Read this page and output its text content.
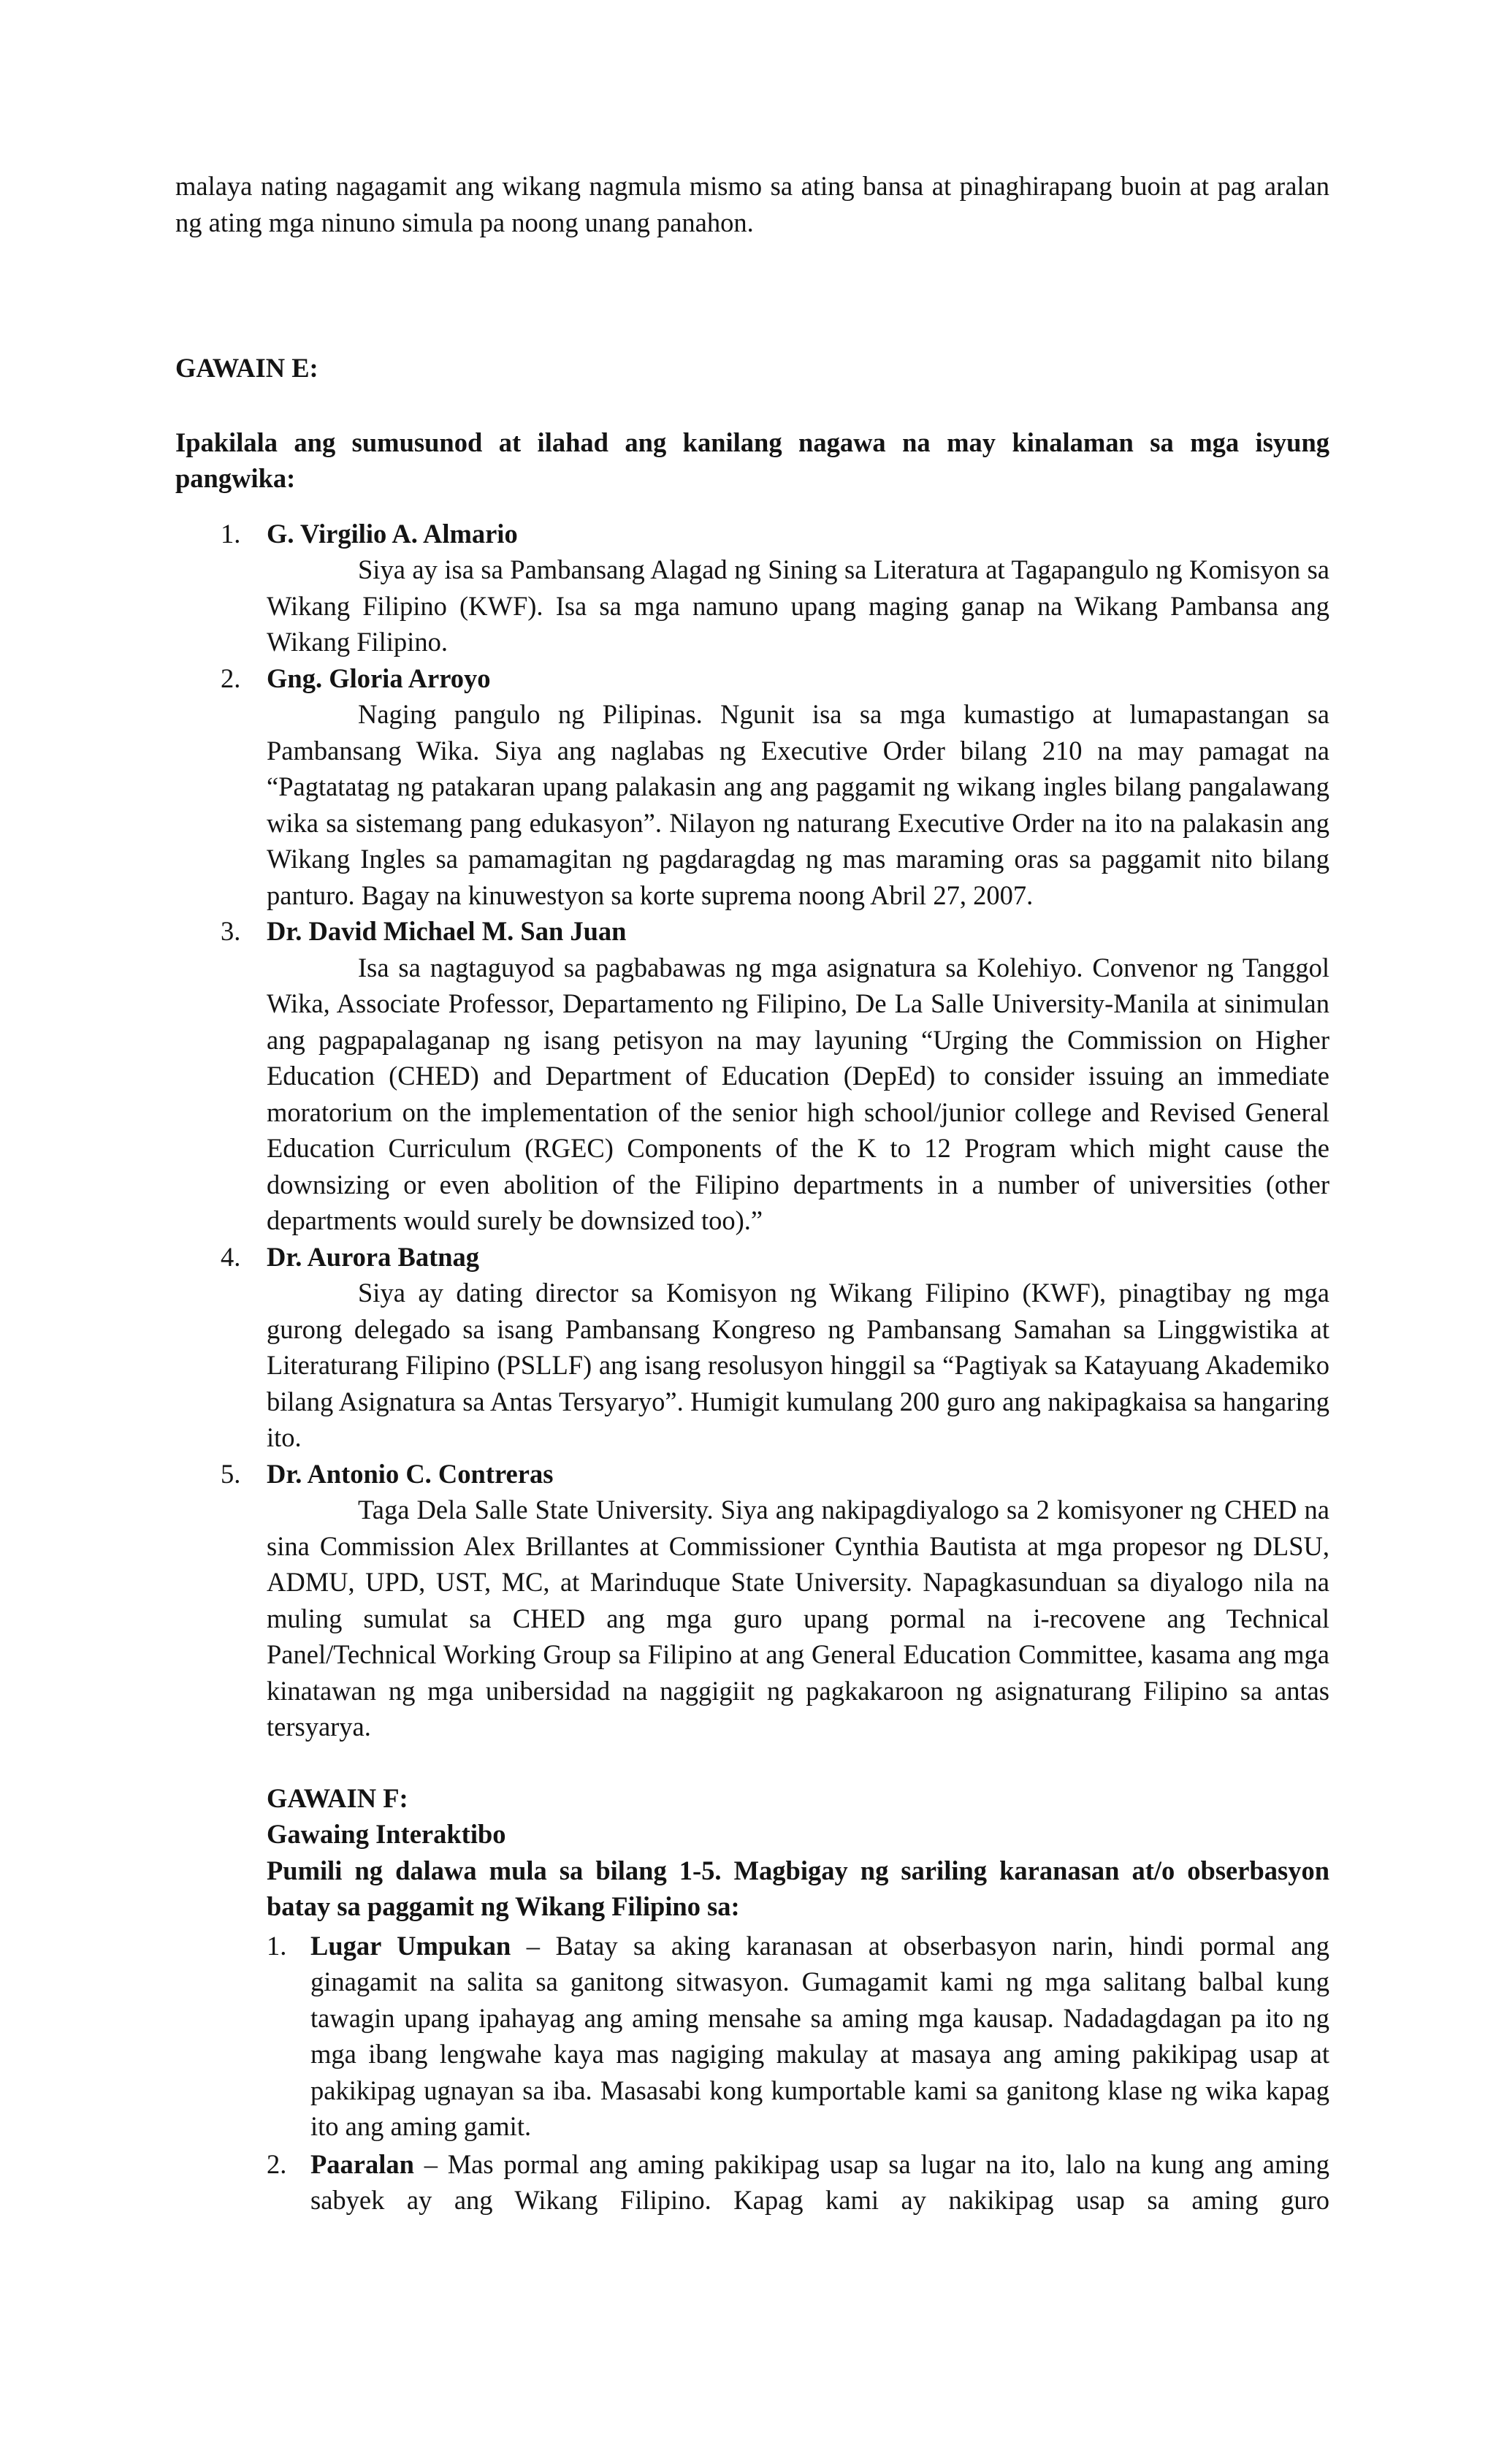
malaya nating nagagamit ang wikang nagmula mismo sa ating bansa at pinaghirapang buoin at pag aralan ng ating mga ninuno simula pa noong unang panahon.

GAWAIN E:

Ipakilala ang sumusunod at ilahad ang kanilang nagawa na may kinalaman sa mga isyung pangwika:

1. G. Virgilio A. Almario

Siya ay isa sa Pambansang Alagad ng Sining sa Literatura at Tagapangulo ng Komisyon sa Wikang Filipino (KWF). Isa sa mga namuno upang maging ganap na Wikang Pambansa ang Wikang Filipino.

2. Gng. Gloria Arroyo

Naging pangulo ng Pilipinas. Ngunit isa sa mga kumastigo at lumapastangan sa Pambansang Wika. Siya ang naglabas ng Executive Order bilang 210 na may pamagat na “Pagtatatag ng patakaran upang palakasin ang ang paggamit ng wikang ingles bilang pangalawang wika sa sistemang pang edukasyon”. Nilayon ng naturang Executive Order na ito na palakasin ang Wikang Ingles sa pamamagitan ng pagdaragdag ng mas maraming oras sa paggamit nito bilang panturo. Bagay na kinuwestyon sa korte suprema noong Abril 27, 2007.

3. Dr. David Michael M. San Juan

Isa sa nagtaguyod sa pagbabawas ng mga asignatura sa Kolehiyo. Convenor ng Tanggol Wika, Associate Professor, Departamento ng Filipino, De La Salle University-Manila at sinimulan ang pagpapalaganap ng isang petisyon na may layuning “Urging the Commission on Higher Education (CHED) and Department of Education (DepEd) to consider issuing an immediate moratorium on the implementation of the senior high school/junior college and Revised General Education Curriculum (RGEC) Components of the K to 12 Program which might cause the downsizing or even abolition of the Filipino departments in a number of universities (other departments would surely be downsized too).”

4. Dr. Aurora Batnag

Siya ay dating director sa Komisyon ng Wikang Filipino (KWF), pinagtibay ng mga gurong delegado sa isang Pambansang Kongreso ng Pambansang Samahan sa Linggwistika at Literaturang Filipino (PSLLF) ang isang resolusyon hinggil sa “Pagtiyak sa Katayuang Akademiko bilang Asignatura sa Antas Tersyaryo”. Humigit kumulang 200 guro ang nakipagkaisa sa hangaring ito.

5. Dr. Antonio C. Contreras

Taga Dela Salle State University. Siya ang nakipagdiyalogo sa 2 komisyoner ng CHED na sina Commission Alex Brillantes at Commissioner Cynthia Bautista at mga propesor ng DLSU, ADMU, UPD, UST, MC, at Marinduque State University. Napagkasunduan sa diyalogo nila na muling sumulat sa CHED ang mga guro upang pormal na i-recovene ang Technical Panel/Technical Working Group sa Filipino at ang General Education Committee, kasama ang mga kinatawan ng mga unibersidad na naggigiit ng pagkakaroon ng asignaturang Filipino sa antas tersyarya.

GAWAIN F:

Gawaing Interaktibo

Pumili ng dalawa mula sa bilang 1-5. Magbigay ng sariling karanasan at/o obserbasyon batay sa paggamit ng Wikang Filipino sa:

1. Lugar Umpukan – Batay sa aking karanasan at obserbasyon narin, hindi pormal ang ginagamit na salita sa ganitong sitwasyon. Gumagamit kami ng mga salitang balbal kung tawagin upang ipahayag ang aming mensahe sa aming mga kausap. Nadadagdagan pa ito ng mga ibang lengwahe kaya mas nagiging makulay at masaya ang aming pakikipag usap at pakikipag ugnayan sa iba. Masasabi kong kumportable kami sa ganitong klase ng wika kapag ito ang aming gamit.

2. Paaralan – Mas pormal ang aming pakikipag usap sa lugar na ito, lalo na kung ang aming sabyek ay ang Wikang Filipino. Kapag kami ay nakikipag usap sa aming guro
